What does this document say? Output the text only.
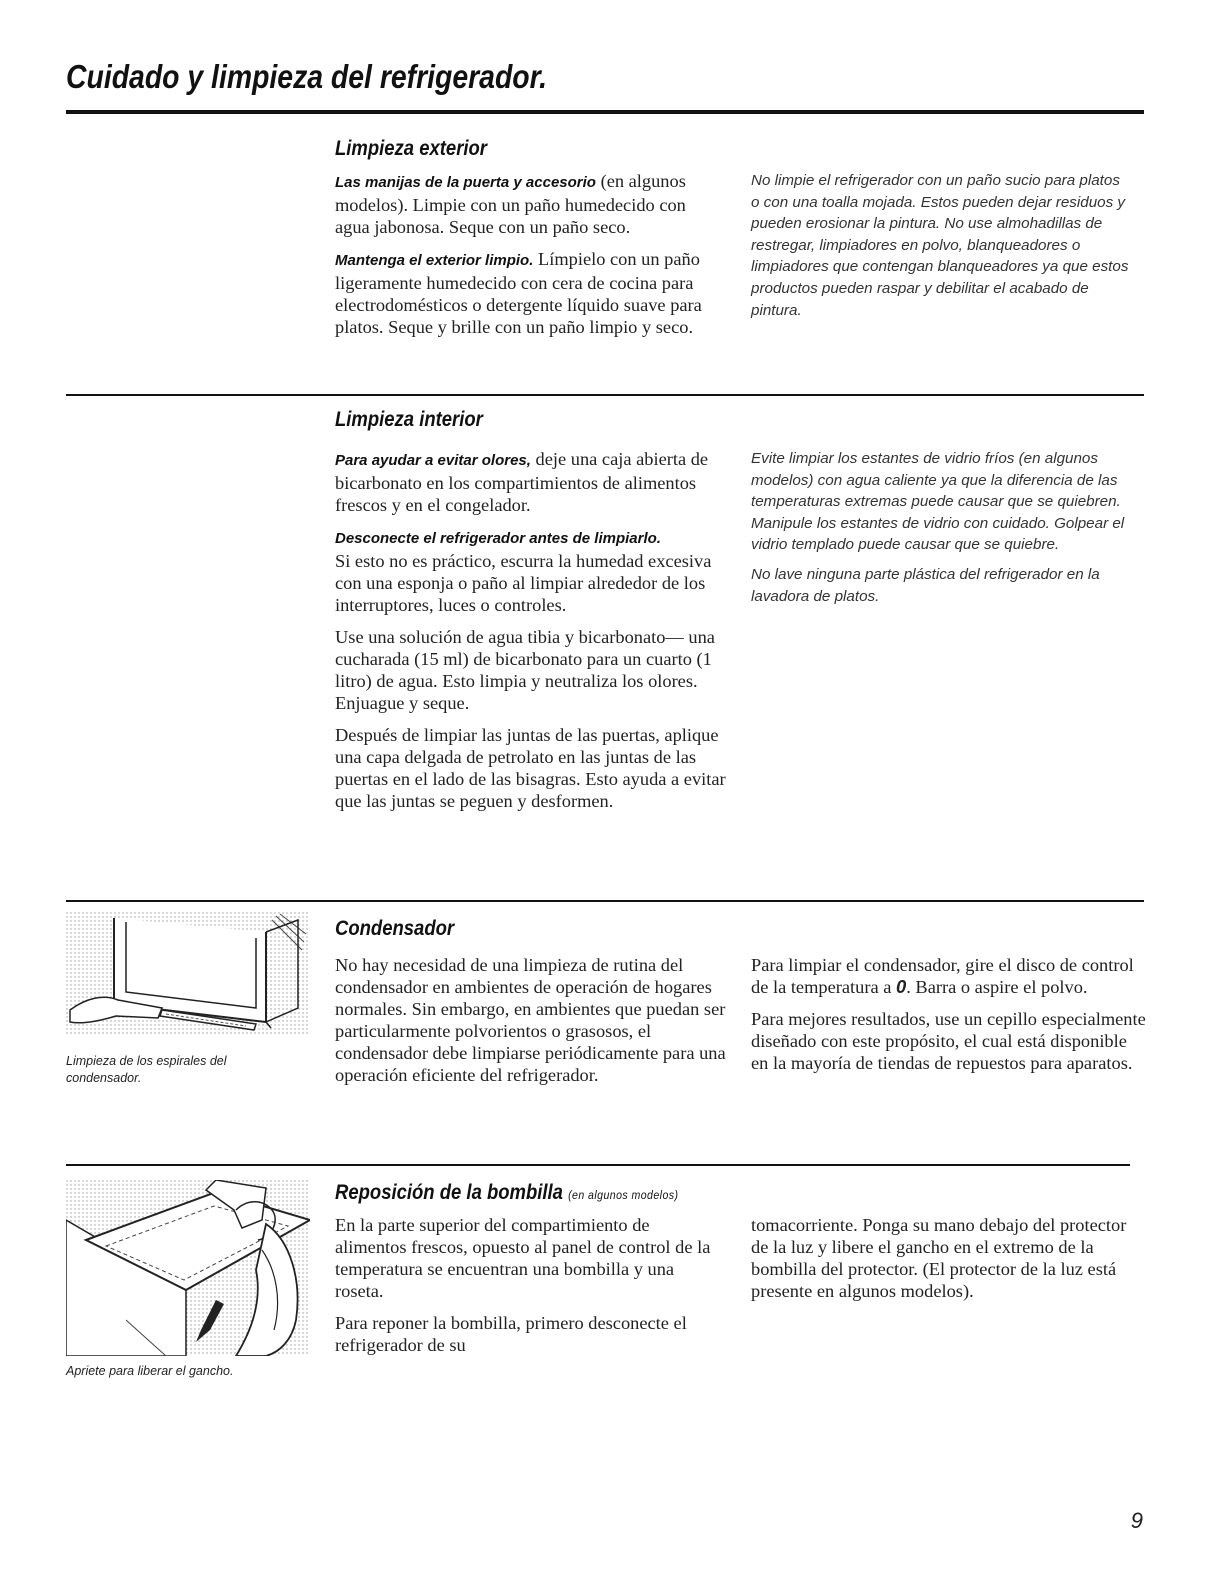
Cuidado y limpieza del refrigerador.
Limpieza exterior

Las manijas de la puerta y accesorio (en algunos modelos). Limpie con un paño humedecido con agua jabonosa. Seque con un paño seco.

Mantenga el exterior limpio. Límpielo con un paño ligeramente humedecido con cera de cocina para electrodomésticos o detergente líquido suave para platos. Seque y brille con un paño limpio y seco.

No limpie el refrigerador con un paño sucio para platos o con una toalla mojada. Estos pueden dejar residuos y pueden erosionar la pintura. No use almohadillas de restregar, limpiadores en polvo, blanqueadores o limpiadores que contengan blanqueadores ya que estos productos pueden raspar y debilitar el acabado de pintura.

Limpieza interior

Para ayudar a evitar olores, deje una caja abierta de bicarbonato en los compartimientos de alimentos frescos y en el congelador.

Desconecte el refrigerador antes de limpiarlo.
Si esto no es práctico, escurra la humedad excesiva con una esponja o paño al limpiar alrededor de los interruptores, luces o controles.

Use una solución de agua tibia y bicarbonato— una cucharada (15 ml) de bicarbonato para un cuarto (1 litro) de agua. Esto limpia y neutraliza los olores. Enjuague y seque.

Después de limpiar las juntas de las puertas, aplique una capa delgada de petrolato en las juntas de las puertas en el lado de las bisagras. Esto ayuda a evitar que las juntas se peguen y desformen.

Evite limpiar los estantes de vidrio fríos (en algunos modelos) con agua caliente ya que la diferencia de las temperaturas extremas puede causar que se quiebren. Manipule los estantes de vidrio con cuidado. Golpear el vidrio templado puede causar que se quiebre.

No lave ninguna parte plástica del refrigerador en la lavadora de platos.

Limpieza de los espirales del condensador.
Condensador

No hay necesidad de una limpieza de rutina del condensador en ambientes de operación de hogares normales. Sin embargo, en ambientes que puedan ser particularmente polvorientos o grasosos, el condensador debe limpiarse periódicamente para una operación eficiente del refrigerador.

Para limpiar el condensador, gire el disco de control de la temperatura a 0. Barra o aspire el polvo.

Para mejores resultados, use un cepillo especialmente diseñado con este propósito, el cual está disponible en la mayoría de tiendas de repuestos para aparatos.

Apriete para liberar el gancho.
Reposición de la bombilla (en algunos modelos)

En la parte superior del compartimiento de alimentos frescos, opuesto al panel de control de la temperatura se encuentran una bombilla y una roseta.

Para reponer la bombilla, primero desconecte el refrigerador de su

tomacorriente. Ponga su mano debajo del protector de la luz y libere el gancho en el extremo de la bombilla del protector. (El protector de la luz está presente en algunos modelos).

9
